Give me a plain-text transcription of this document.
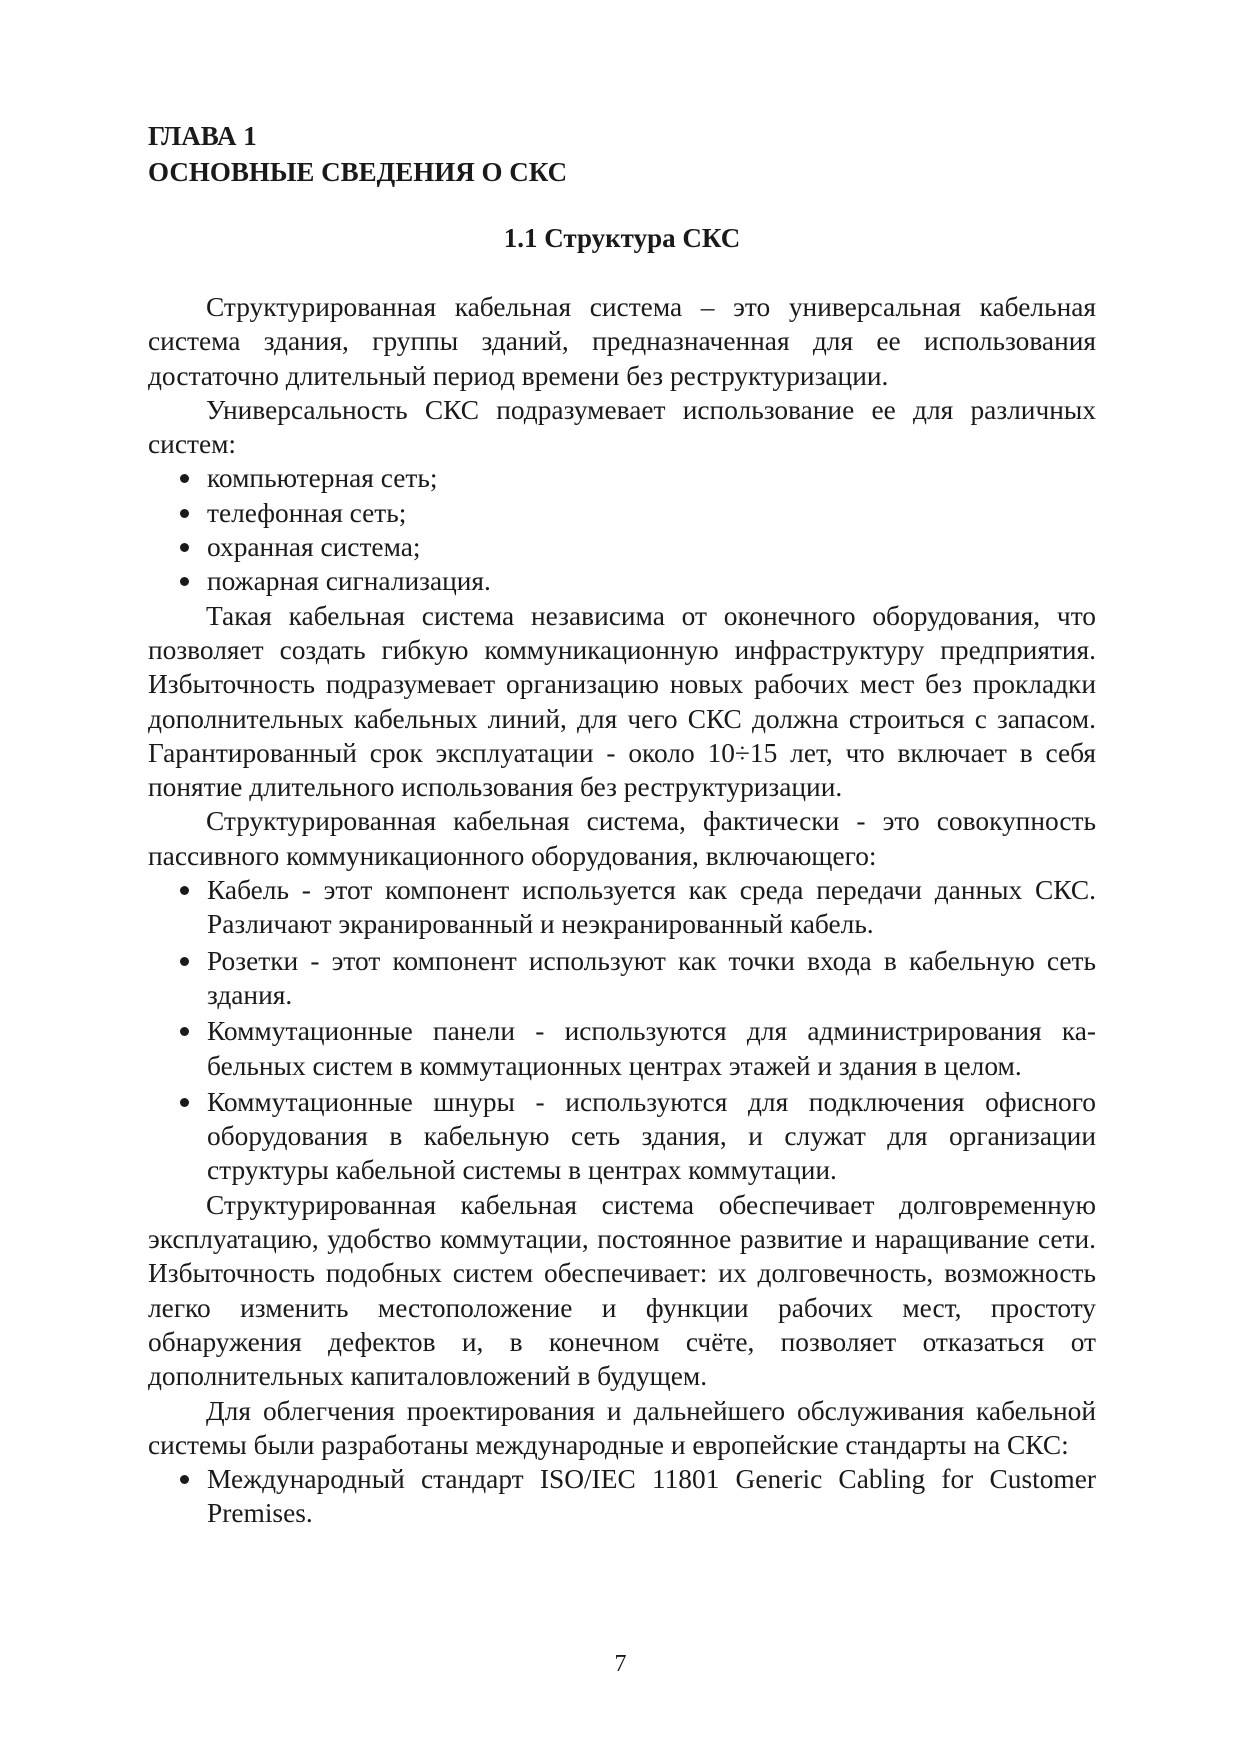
ГЛАВА 1
ОСНОВНЫЕ СВЕДЕНИЯ О СКС
1.1 Структура СКС

Структурированная кабельная система – это универсальная кабельная система здания, группы зданий, предназначенная для ее использования достаточно длительный период времени без реструктуризации.

Универсальность СКС подразумевает использование ее для различных систем:

компьютерная сеть;
телефонная сеть;
охранная система;
пожарная сигнализация.

Такая кабельная система независима от оконечного оборудования, что позволяет создать гибкую коммуникационную инфраструктуру предприятия. Избыточность подразумевает организацию новых рабочих мест без прокладки дополнительных кабельных линий, для чего СКС должна строиться с запасом. Гарантированный срок эксплуатации - около 10÷15 лет, что включает в себя понятие длительного использования без реструктуризации.

Структурированная кабельная система, фактически - это совокупность пассивного коммуникационного оборудования, включающего:

Кабель - этот компонент используется как среда передачи данных СКС. Различают экранированный и неэкранированный кабель.
Розетки - этот компонент используют как точки входа в кабельную сеть здания.
Коммутационные панели - используются для администрирования кабельных систем в коммутационных центрах этажей и здания в целом.
Коммутационные шнуры - используются для подключения офисного оборудования в кабельную сеть здания, и служат для организации структуры кабельной системы в центрах коммутации.

Структурированная кабельная система обеспечивает долговременную эксплуатацию, удобство коммутации, постоянное развитие и наращивание сети. Избыточность подобных систем обеспечивает: их долговечность, возможность легко изменить местоположение и функции рабочих мест, простоту обнаружения дефектов и, в конечном счёте, позволяет отказаться от дополнительных капиталовложений в будущем.

Для облегчения проектирования и дальнейшего обслуживания кабельной системы были разработаны международные и европейские стандарты на СКС:

Международный стандарт ISO/IEC 11801 Generic Cabling for Customer Premises.
7
